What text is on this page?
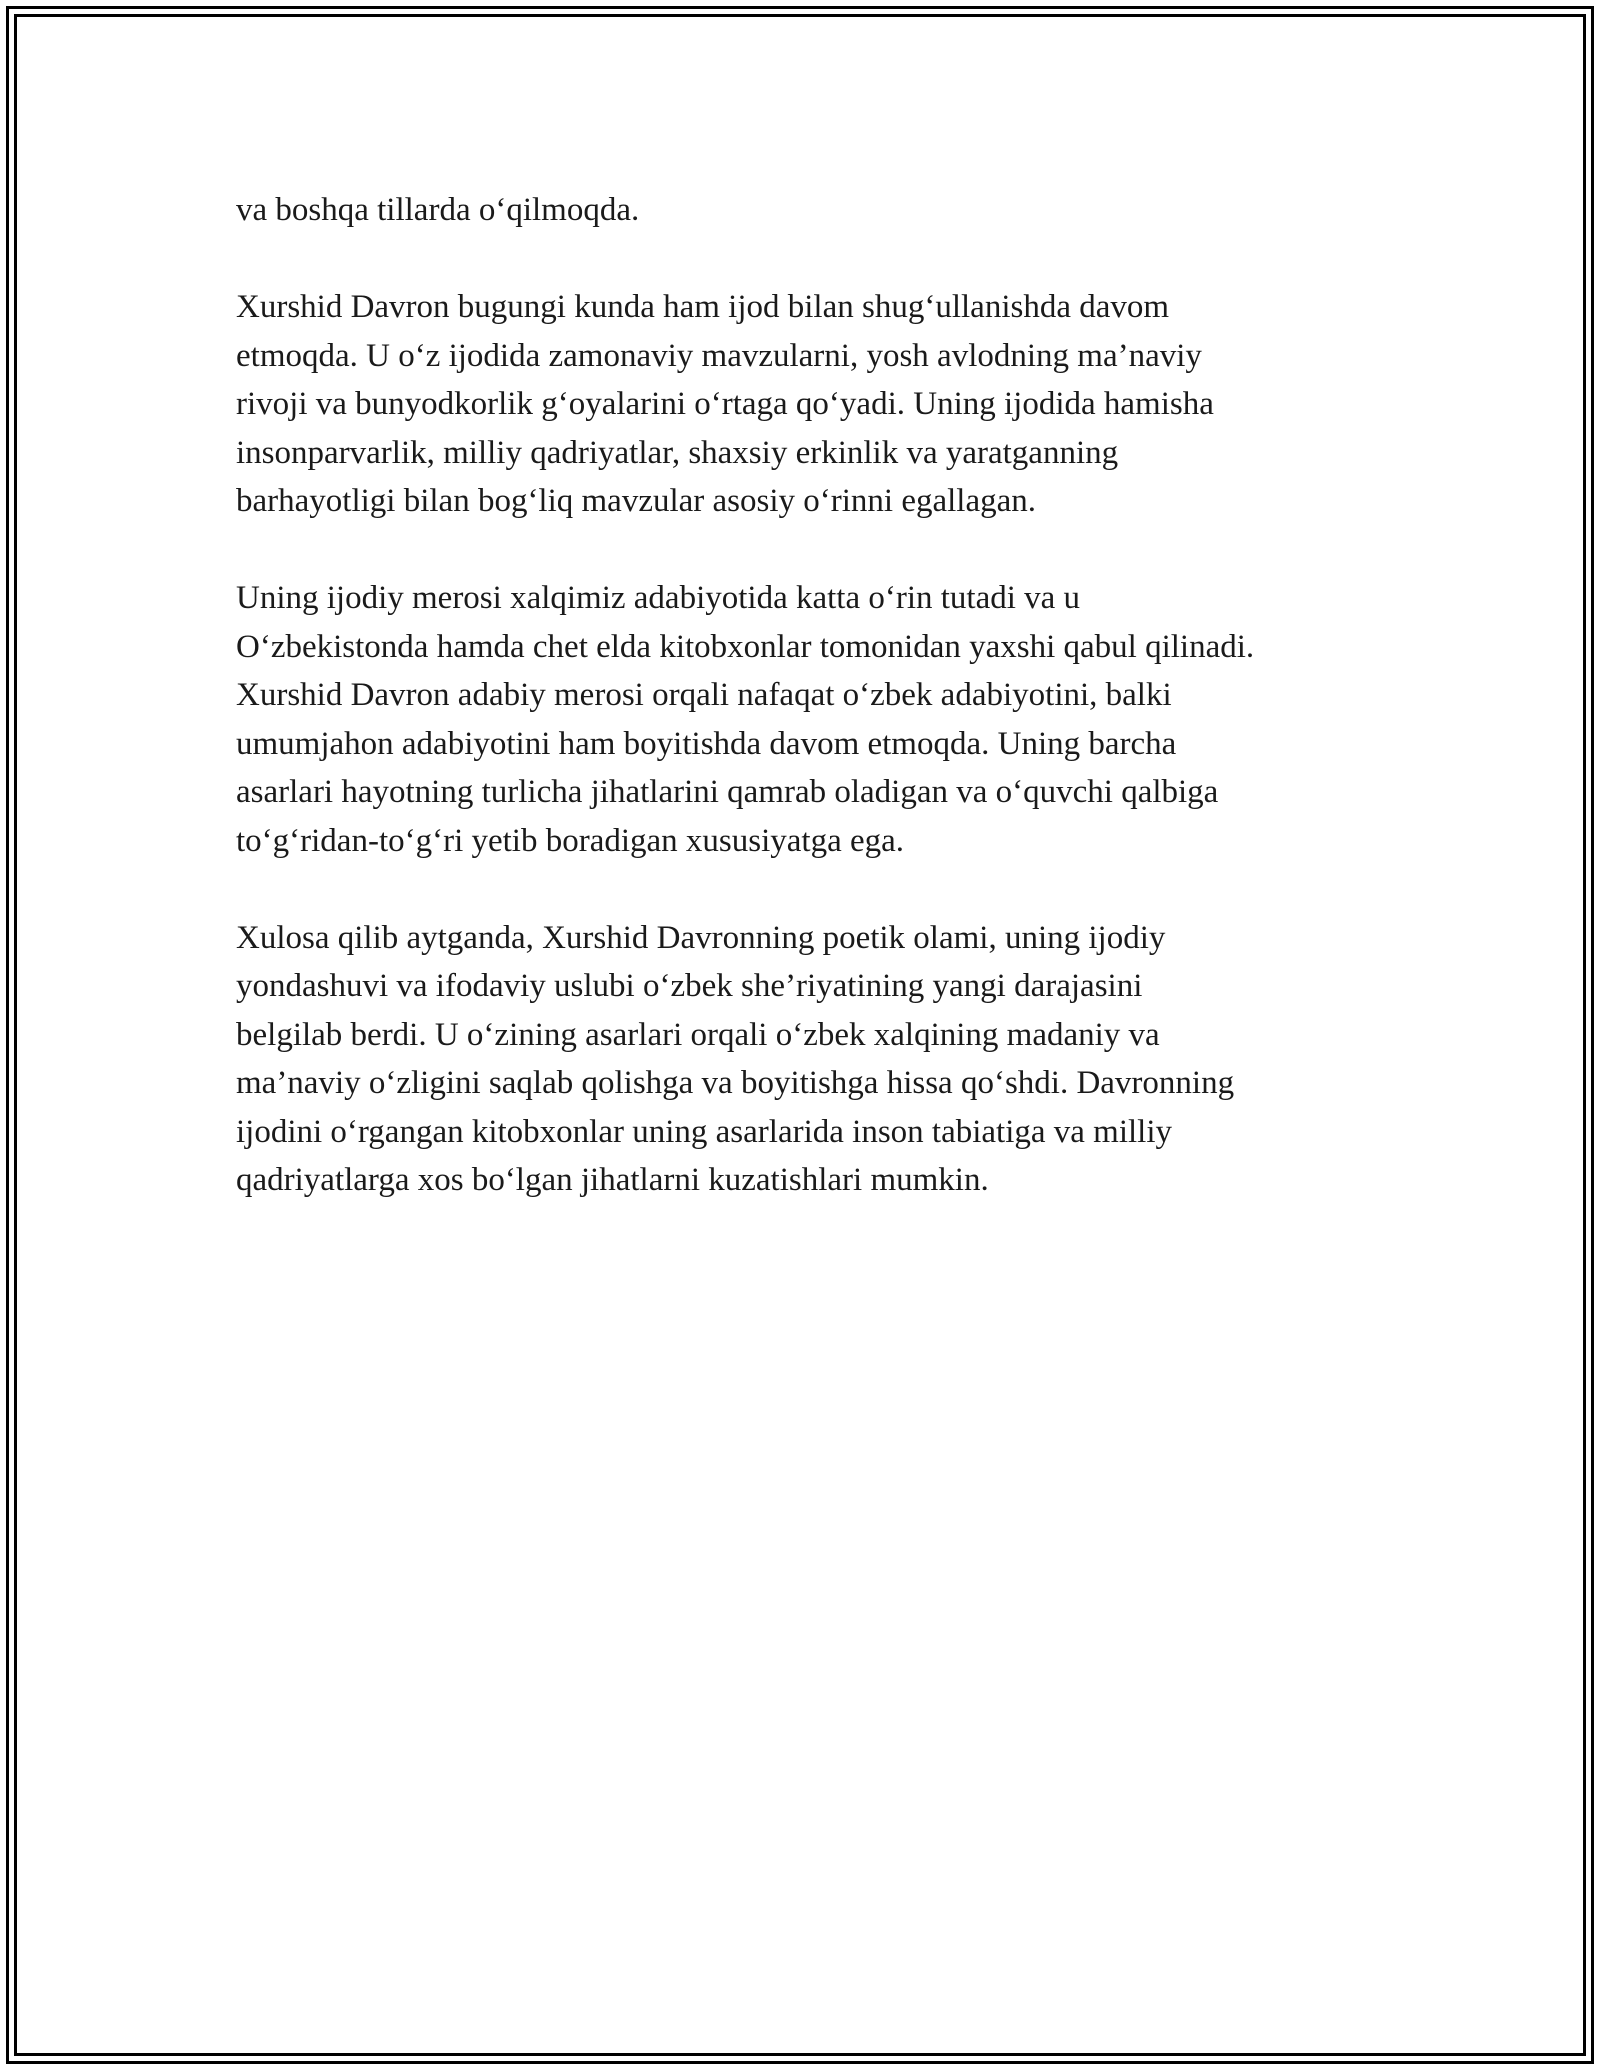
va boshqa tillarda o‘qilmoqda.

Xurshid Davron bugungi kunda ham ijod bilan shug‘ullanishda davom
etmoqda. U o‘z ijodida zamonaviy mavzularni, yosh avlodning ma’naviy
rivoji va bunyodkorlik g‘oyalarini o‘rtaga qo‘yadi. Uning ijodida hamisha
insonparvarlik, milliy qadriyatlar, shaxsiy erkinlik va yaratganning
barhayotligi bilan bog‘liq mavzular asosiy o‘rinni egallagan.

Uning ijodiy merosi xalqimiz adabiyotida katta o‘rin tutadi va u
O‘zbekistonda hamda chet elda kitobxonlar tomonidan yaxshi qabul qilinadi.
Xurshid Davron adabiy merosi orqali nafaqat o‘zbek adabiyotini, balki
umumjahon adabiyotini ham boyitishda davom etmoqda. Uning barcha
asarlari hayotning turlicha jihatlarini qamrab oladigan va o‘quvchi qalbiga
to‘g‘ridan-to‘g‘ri yetib boradigan xususiyatga ega.

Xulosa qilib aytganda, Xurshid Davronning poetik olami, uning ijodiy
yondashuvi va ifodaviy uslubi o‘zbek she’riyatining yangi darajasini
belgilab berdi. U o‘zining asarlari orqali o‘zbek xalqining madaniy va
ma’naviy o‘zligini saqlab qolishga va boyitishga hissa qo‘shdi. Davronning
ijodini o‘rgangan kitobxonlar uning asarlarida inson tabiatiga va milliy
qadriyatlarga xos bo‘lgan jihatlarni kuzatishlari mumkin.
